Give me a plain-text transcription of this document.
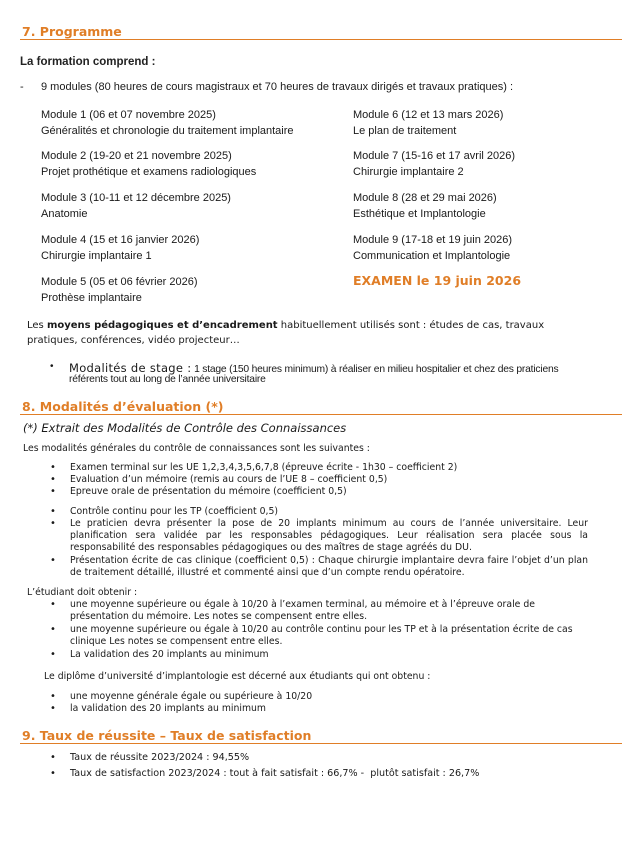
7. Programme
La formation comprend :
- 9 modules (80 heures de cours magistraux et 70 heures de travaux dirigés et travaux pratiques) :
Module 1 (06 et 07 novembre 2025)
Généralités et chronologie du traitement implantaire
Module 2 (19-20 et 21 novembre 2025)
Projet prothétique et examens radiologiques
Module 3 (10-11 et 12 décembre 2025)
Anatomie
Module 4 (15 et 16 janvier 2026)
Chirurgie implantaire 1
Module 5 (05 et 06 février 2026)
Prothèse implantaire
Module 6 (12 et 13 mars 2026)
Le plan de traitement
Module 7 (15-16 et 17 avril 2026)
Chirurgie implantaire 2
Module 8 (28 et 29 mai 2026)
Esthétique et Implantologie
Module 9 (17-18 et 19 juin 2026)
Communication et Implantologie
EXAMEN le 19 juin 2026
Les moyens pédagogiques et d’encadrement habituellement utilisés sont : études de cas, travaux
pratiques, conférences, vidéo projecteur…
• Modalités de stage : 1 stage (150 heures minimum) à réaliser en milieu hospitalier et chez des praticiens
référents tout au long de l’année universitaire
8. Modalités d’évaluation (*)
(*) Extrait des Modalités de Contrôle des Connaissances
Les modalités générales du contrôle de connaissances sont les suivantes :
• Examen terminal sur les UE 1,2,3,4,3,5,6,7,8 (épreuve écrite - 1h30 – coefficient 2)
• Evaluation d’un mémoire (remis au cours de l’UE 8 – coefficient 0,5)
• Epreuve orale de présentation du mémoire (coefficient 0,5)
• Contrôle continu pour les TP (coefficient 0,5)
• Le praticien devra présenter la pose de 20 implants minimum au cours de l’année universitaire. Leur planification sera validée par les responsables pédagogiques. Leur réalisation sera placée sous la responsabilité des responsables pédagogiques ou des maîtres de stage agréés du DU.
• Présentation écrite de cas clinique (coefficient 0,5) : Chaque chirurgie implantaire devra faire l’objet d’un plan de traitement détaillé, illustré et commenté ainsi que d’un compte rendu opératoire.
L’étudiant doit obtenir :
• une moyenne supérieure ou égale à 10/20 à l’examen terminal, au mémoire et à l’épreuve orale de présentation du mémoire. Les notes se compensent entre elles.
• une moyenne supérieure ou égale à 10/20 au contrôle continu pour les TP et à la présentation écrite de cas clinique Les notes se compensent entre elles.
• La validation des 20 implants au minimum
Le diplôme d’université d’implantologie est décerné aux étudiants qui ont obtenu :
• une moyenne générale égale ou supérieure à 10/20
• la validation des 20 implants au minimum
9. Taux de réussite – Taux de satisfaction
• Taux de réussite 2023/2024 : 94,55%
• Taux de satisfaction 2023/2024 : tout à fait satisfait : 66,7% -  plutôt satisfait : 26,7%
